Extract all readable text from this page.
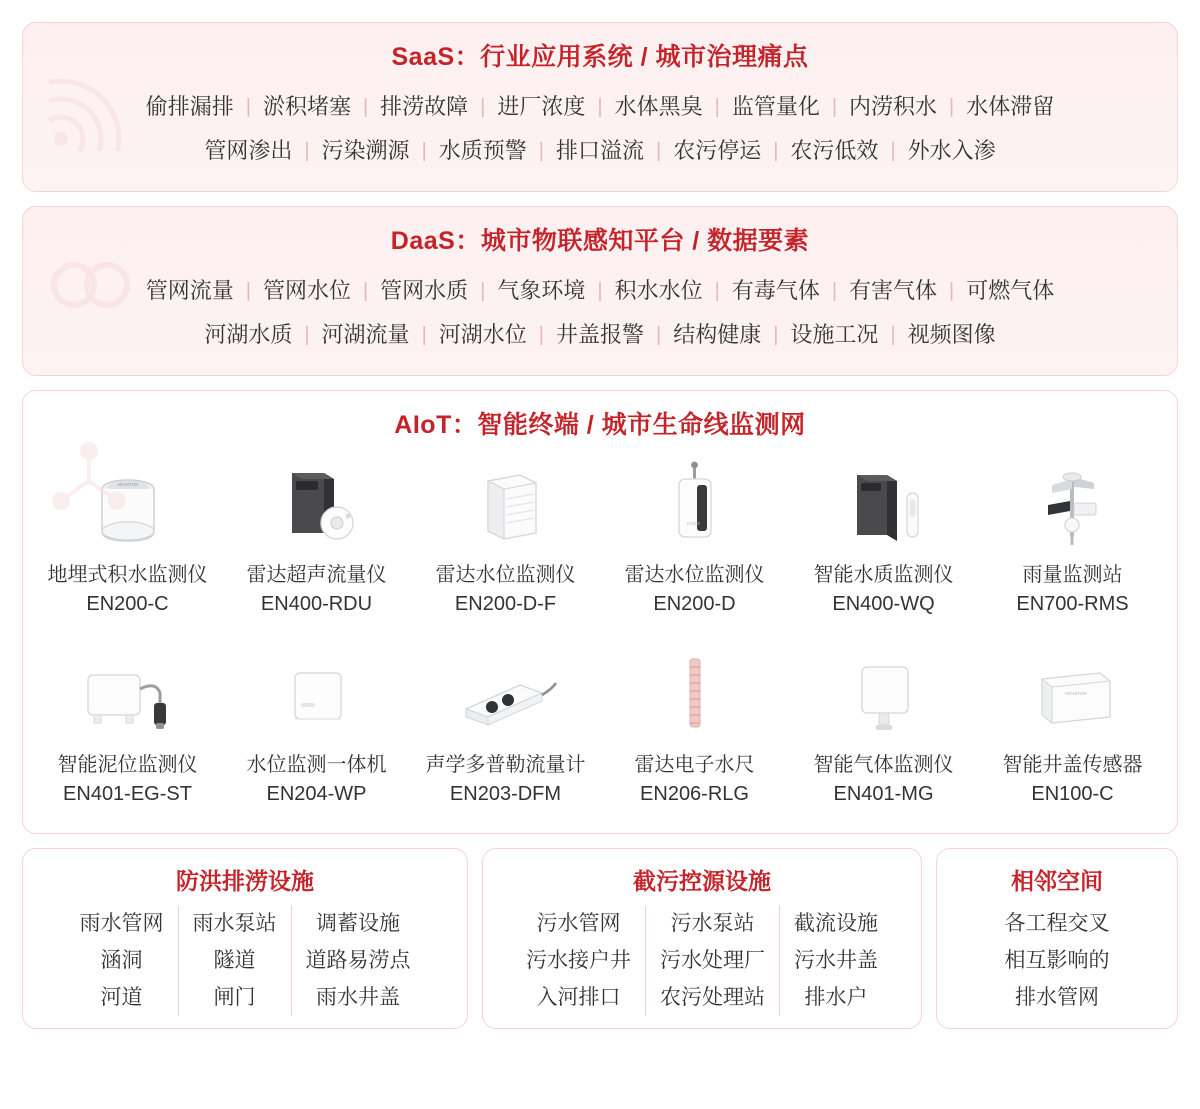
SaaS：行业应用系统 / 城市治理痛点
偷排漏排 | 淤积堵塞 | 排涝故障 | 进厂浓度 | 水体黑臭 | 监管量化 | 内涝积水 | 水体滞留
管网渗出 | 污染溯源 | 水质预警 | 排口溢流 | 农污停运 | 农污低效 | 外水入渗
DaaS：城市物联感知平台 / 数据要素
管网流量 | 管网水位 | 管网水质 | 气象环境 | 积水水位 | 有毒气体 | 有害气体 | 可燃气体
河湖水质 | 河湖流量 | 河湖水位 | 井盖报警 | 结构健康 | 设施工况 | 视频图像
AIoT：智能终端 / 城市生命线监测网
MONITOR
地埋式积水监测仪
EN200-C
雷达超声流量仪
EN400-RDU
雷达水位监测仪
EN200-D-F
EN200
雷达水位监测仪
EN200-D
智能水质监测仪
EN400-WQ
雨量监测站
EN700-RMS
智能泥位监测仪
EN401-EG-ST
水位监测一体机
EN204-WP
声学多普勒流量计
EN203-DFM
雷达电子水尺
EN206-RLG
智能气体监测仪
EN401-MG
MONITOR
智能井盖传感器
EN100-C
防洪排涝设施
雨水管网
涵洞
河道
雨水泵站
隧道
闸门
调蓄设施
道路易涝点
雨水井盖
截污控源设施
污水管网
污水接户井
入河排口
污水泵站
污水处理厂
农污处理站
截流设施
污水井盖
排水户
相邻空间
各工程交叉
相互影响的
排水管网
